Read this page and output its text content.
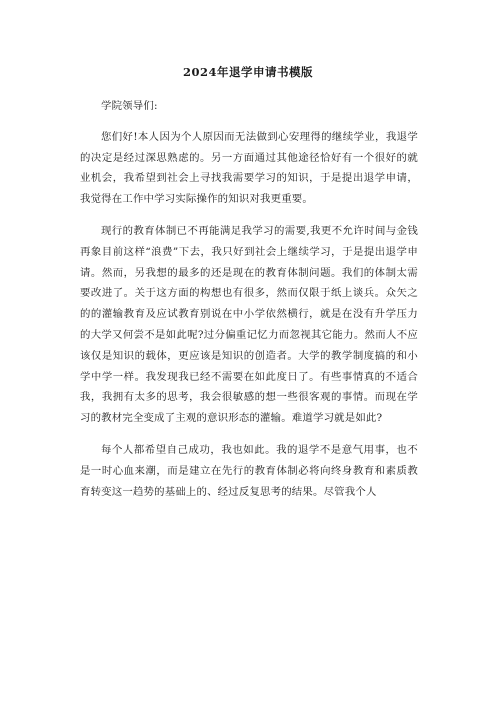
2024年退学申请书模版

学院领导们:

您们好!本人因为个人原因而无法做到心安理得的继续学业，我退学的决定是经过深思熟虑的。另一方面通过其他途径恰好有一个很好的就业机会，我希望到社会上寻找我需要学习的知识，于是提出退学申请，我觉得在工作中学习实际操作的知识对我更重要。

现行的教育体制已不再能满足我学习的需要,我更不允许时间与金钱再象目前这样“浪费”下去，我只好到社会上继续学习，于是提出退学申请。然而，另我想的最多的还是现在的教育体制问题。我们的体制太需要改进了。关于这方面的构想也有很多，然而仅限于纸上谈兵。众矢之的的灌输教育及应试教育别说在中小学依然横行，就是在没有升学压力的大学又何尝不是如此呢?过分偏重记忆力而忽视其它能力。然而人不应该仅是知识的载体，更应该是知识的创造者。大学的教学制度搞的和小学中学一样。我发现我已经不需要在如此度日了。有些事情真的不适合我，我拥有太多的思考，我会很敏感的想一些很客观的事情。而现在学习的教材完全变成了主观的意识形态的灌输。难道学习就是如此?

每个人都希望自己成功，我也如此。我的退学不是意气用事，也不是一时心血来潮，而是建立在先行的教育体制必将向终身教育和素质教育转变这一趋势的基础上的、经过反复思考的结果。尽管我个人
